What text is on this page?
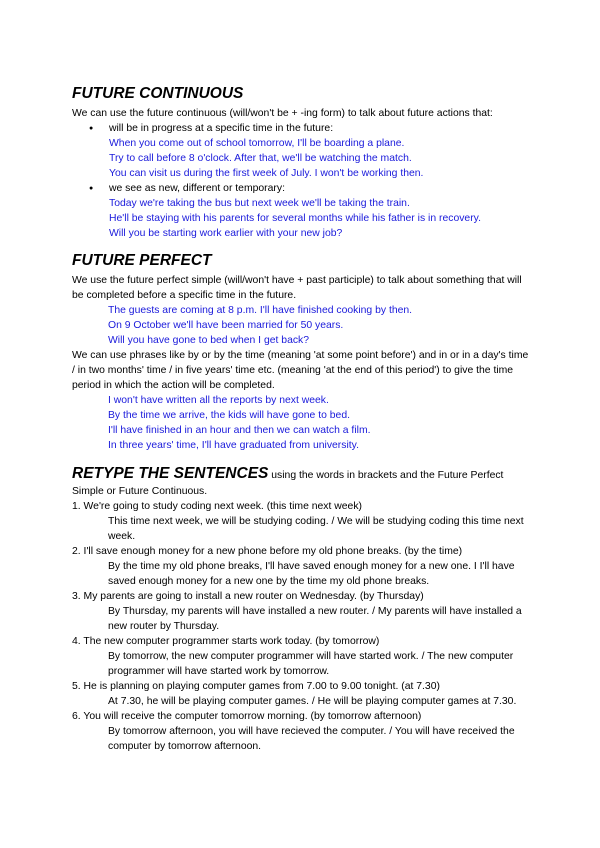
FUTURE CONTINUOUS

We can use the future continuous (will/won't be + -ing form) to talk about future actions that:

● will be in progress at a specific time in the future:
When you come out of school tomorrow, I'll be boarding a plane.
Try to call before 8 o'clock. After that, we'll be watching the match.
You can visit us during the first week of July. I won't be working then.
● we see as new, different or temporary:
Today we're taking the bus but next week we'll be taking the train.
He'll be staying with his parents for several months while his father is in recovery.
Will you be starting work earlier with your new job?
FUTURE PERFECT

We use the future perfect simple (will/won't have + past participle) to talk about something that will be completed before a specific time in the future.

The guests are coming at 8 p.m. I'll have finished cooking by then.
On 9 October we'll have been married for 50 years.
Will you have gone to bed when I get back?

We can use phrases like by or by the time (meaning 'at some point before') and in or in a day's time / in two months' time / in five years' time etc. (meaning 'at the end of this period') to give the time period in which the action will be completed.

I won't have written all the reports by next week.
By the time we arrive, the kids will have gone to bed.
I'll have finished in an hour and then we can watch a film.
In three years' time, I'll have graduated from university.

RETYPE THE SENTENCES using the words in brackets and the Future Perfect Simple or Future Continuous.

1. We're going to study coding next week. (this time next week)
This time next week, we will be studying coding. / We will be studying coding this time next week.
2. I'll save enough money for a new phone before my old phone breaks. (by the time)
By the time my old phone breaks, I'll have saved enough money for a new one. I I'll have saved enough money for a new one by the time my old phone breaks.
3. My parents are going to install a new router on Wednesday. (by Thursday)
By Thursday, my parents will have installed a new router. / My parents will have installed a new router by Thursday.
4. The new computer programmer starts work today. (by tomorrow)
By tomorrow, the new computer programmer will have started work. / The new computer programmer will have started work by tomorrow.
5. He is planning on playing computer games from 7.00 to 9.00 tonight. (at 7.30)
At 7.30, he will be playing computer games. / He will be playing computer games at 7.30.
6. You will receive the computer tomorrow morning. (by tomorrow afternoon)
By tomorrow afternoon, you will have recieved the computer. / You will have received the computer by tomorrow afternoon.
